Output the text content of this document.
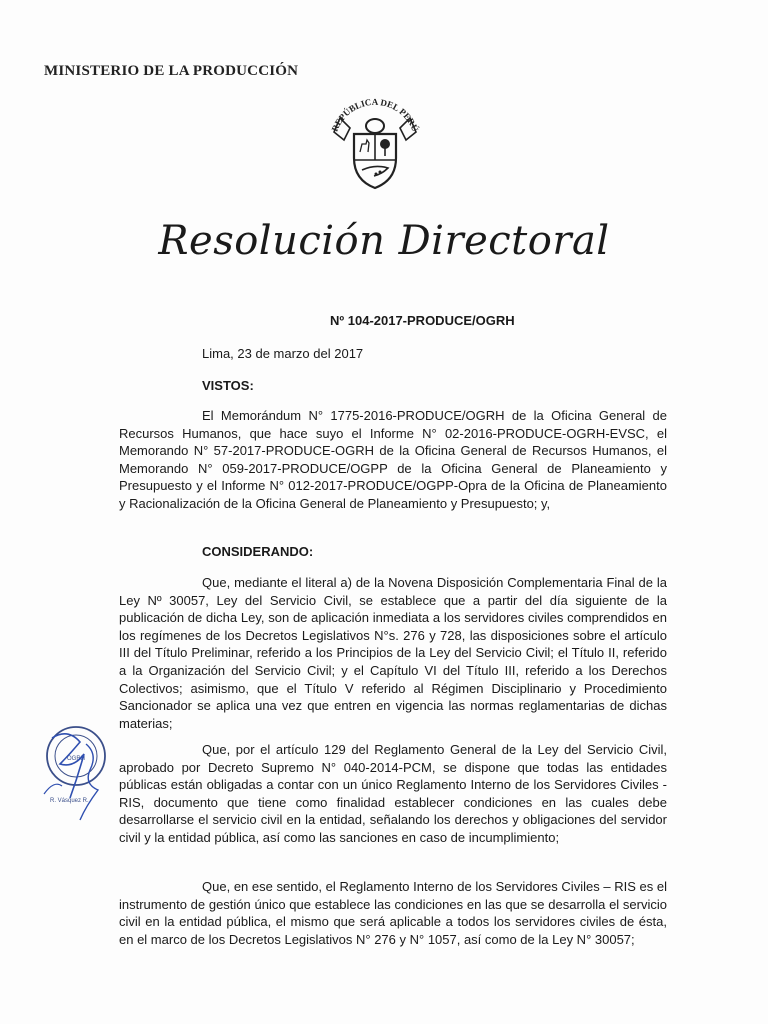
MINISTERIO DE LA PRODUCCIÓN
REPÚBLICA DEL PERÚ
Resolución Directoral
Nº 104-2017-PRODUCE/OGRH
Lima, 23 de marzo del 2017
VISTOS:
El Memorándum N° 1775-2016-PRODUCE/OGRH de la Oficina General de Recursos Humanos, que hace suyo el Informe N° 02-2016-PRODUCE-OGRH-EVSC, el Memorando N° 57-2017-PRODUCE-OGRH de la Oficina General de Recursos Humanos, el Memorando N° 059-2017-PRODUCE/OGPP de la Oficina General de Planeamiento y Presupuesto y el Informe N° 012-2017-PRODUCE/OGPP-Opra de la Oficina de Planeamiento y Racionalización de la Oficina General de Planeamiento y Presupuesto; y,
CONSIDERANDO:
Que, mediante el literal a) de la Novena Disposición Complementaria Final de la Ley Nº 30057, Ley del Servicio Civil, se establece que a partir del día siguiente de la publicación de dicha Ley, son de aplicación inmediata a los servidores civiles comprendidos en los regímenes de los Decretos Legislativos N°s. 276 y 728, las disposiciones sobre el artículo III del Título Preliminar, referido a los Principios de la Ley del Servicio Civil; el Título II, referido a la Organización del Servicio Civil; y el Capítulo VI del Título III, referido a los Derechos Colectivos; asimismo, que el Título V referido al Régimen Disciplinario y Procedimiento Sancionador se aplica una vez que entren en vigencia las normas reglamentarias de dichas materias;
Que, por el artículo 129 del Reglamento General de la Ley del Servicio Civil, aprobado por Decreto Supremo N° 040-2014-PCM, se dispone que todas las entidades públicas están obligadas a contar con un único Reglamento Interno de los Servidores Civiles - RIS, documento que tiene como finalidad establecer condiciones en las cuales debe desarrollarse el servicio civil en la entidad, señalando los derechos y obligaciones del servidor civil y la entidad pública, así como las sanciones en caso de incumplimiento;
Que, en ese sentido, el Reglamento Interno de los Servidores Civiles – RIS es el instrumento de gestión único que establece las condiciones en las que se desarrolla el servicio civil en la entidad pública, el mismo que será aplicable a todos los servidores civiles de ésta, en el marco de los Decretos Legislativos N° 276 y N° 1057, así como de la Ley N° 30057;
OGRH
R. Vásquez R.
